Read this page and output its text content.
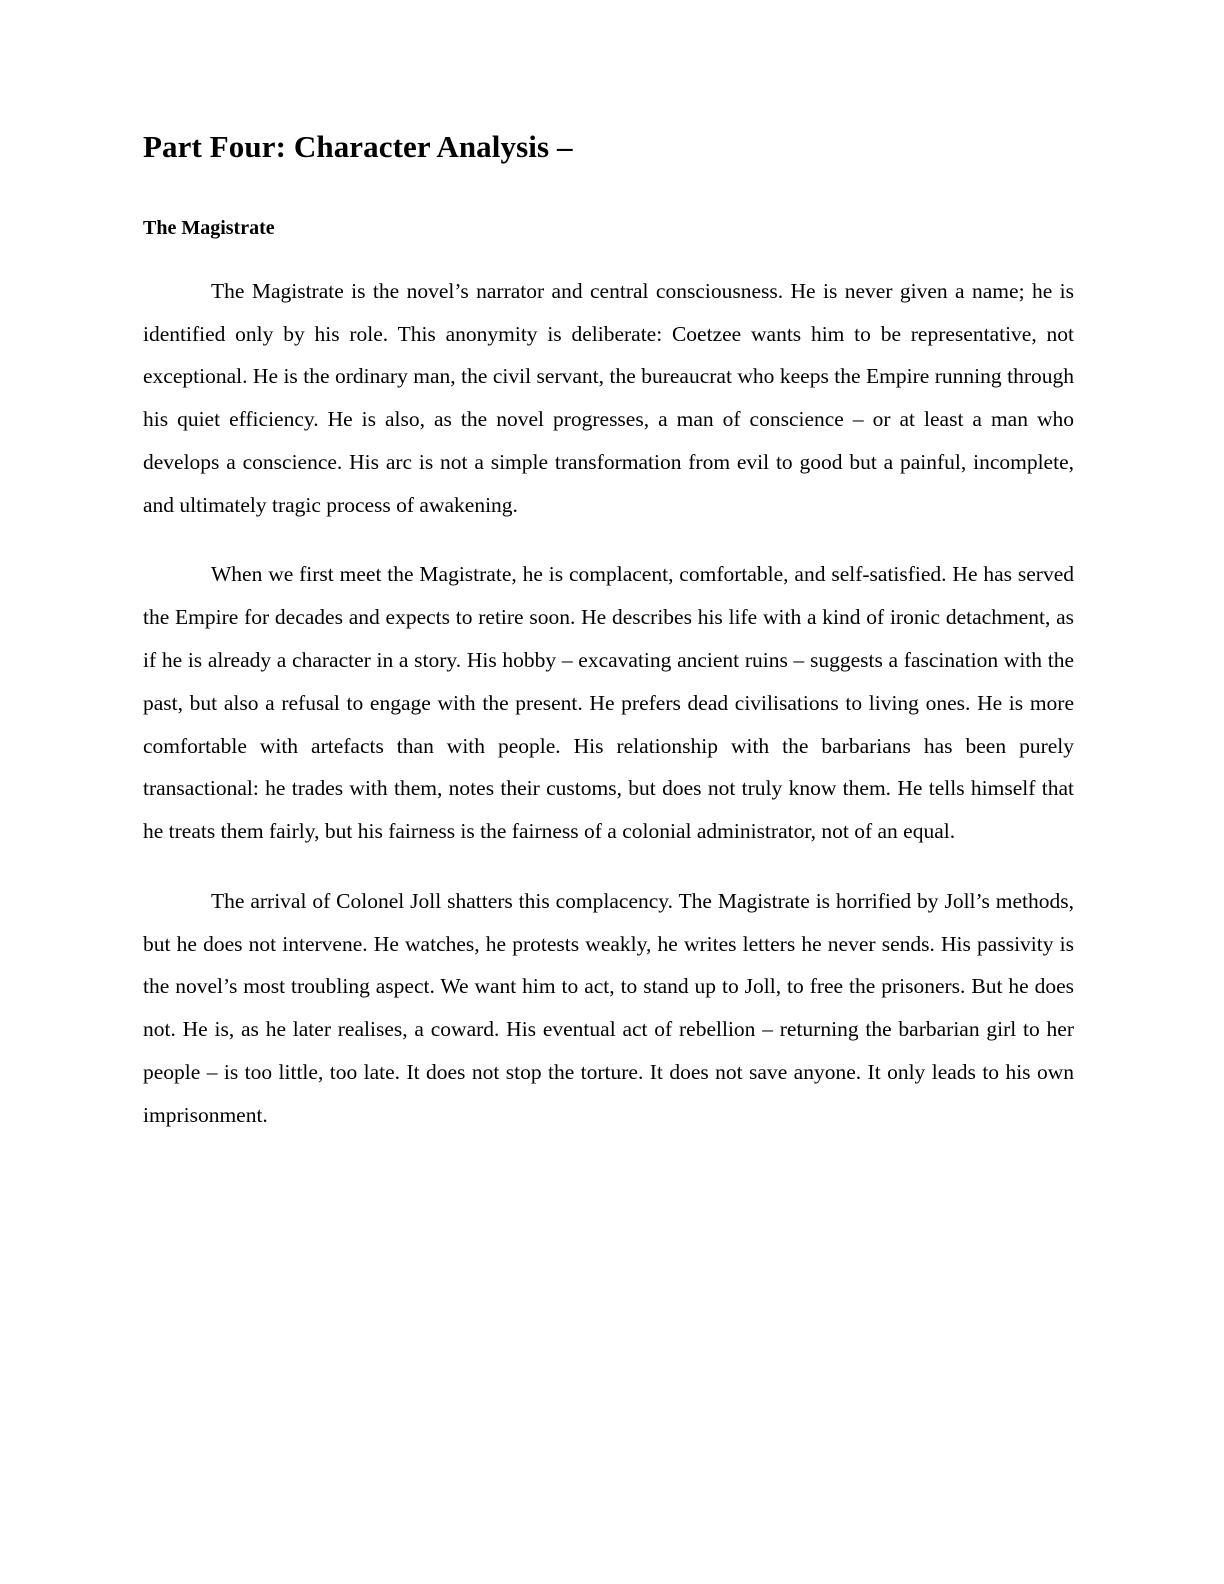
Part Four: Character Analysis –
The Magistrate

The Magistrate is the novel’s narrator and central consciousness. He is never given a name; he is identified only by his role. This anonymity is deliberate: Coetzee wants him to be representative, not exceptional. He is the ordinary man, the civil servant, the bureaucrat who keeps the Empire running through his quiet efficiency. He is also, as the novel progresses, a man of conscience – or at least a man who develops a conscience. His arc is not a simple transformation from evil to good but a painful, incomplete, and ultimately tragic process of awakening.

When we first meet the Magistrate, he is complacent, comfortable, and self-satisfied. He has served the Empire for decades and expects to retire soon. He describes his life with a kind of ironic detachment, as if he is already a character in a story. His hobby – excavating ancient ruins – suggests a fascination with the past, but also a refusal to engage with the present. He prefers dead civilisations to living ones. He is more comfortable with artefacts than with people. His relationship with the barbarians has been purely transactional: he trades with them, notes their customs, but does not truly know them. He tells himself that he treats them fairly, but his fairness is the fairness of a colonial administrator, not of an equal.

The arrival of Colonel Joll shatters this complacency. The Magistrate is horrified by Joll’s methods, but he does not intervene. He watches, he protests weakly, he writes letters he never sends. His passivity is the novel’s most troubling aspect. We want him to act, to stand up to Joll, to free the prisoners. But he does not. He is, as he later realises, a coward. His eventual act of rebellion – returning the barbarian girl to her people – is too little, too late. It does not stop the torture. It does not save anyone. It only leads to his own imprisonment.
